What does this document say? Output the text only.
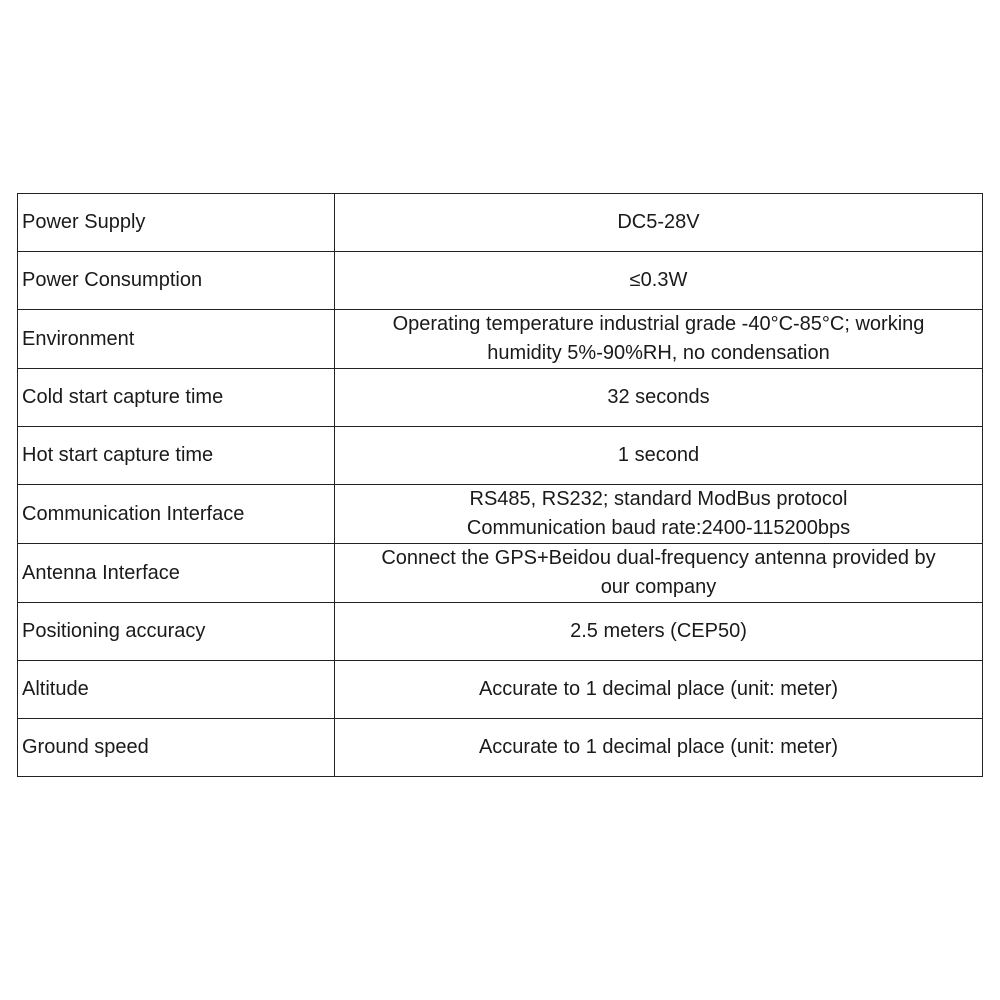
Power Supply	DC5-28V

Power Consumption	≤0.3W

Environment	Operating temperature industrial grade -40°C-85°C; working
humidity 5%-90%RH, no condensation

Cold start capture time	32 seconds

Hot start capture time	1 second

Communication Interface	RS485, RS232; standard ModBus protocol
Communication baud rate:2400-115200bps

Antenna Interface	Connect the GPS+Beidou dual-frequency antenna provided by
our company

Positioning accuracy	2.5 meters (CEP50)

Altitude	Accurate to 1 decimal place (unit: meter)

Ground speed	Accurate to 1 decimal place (unit: meter)
